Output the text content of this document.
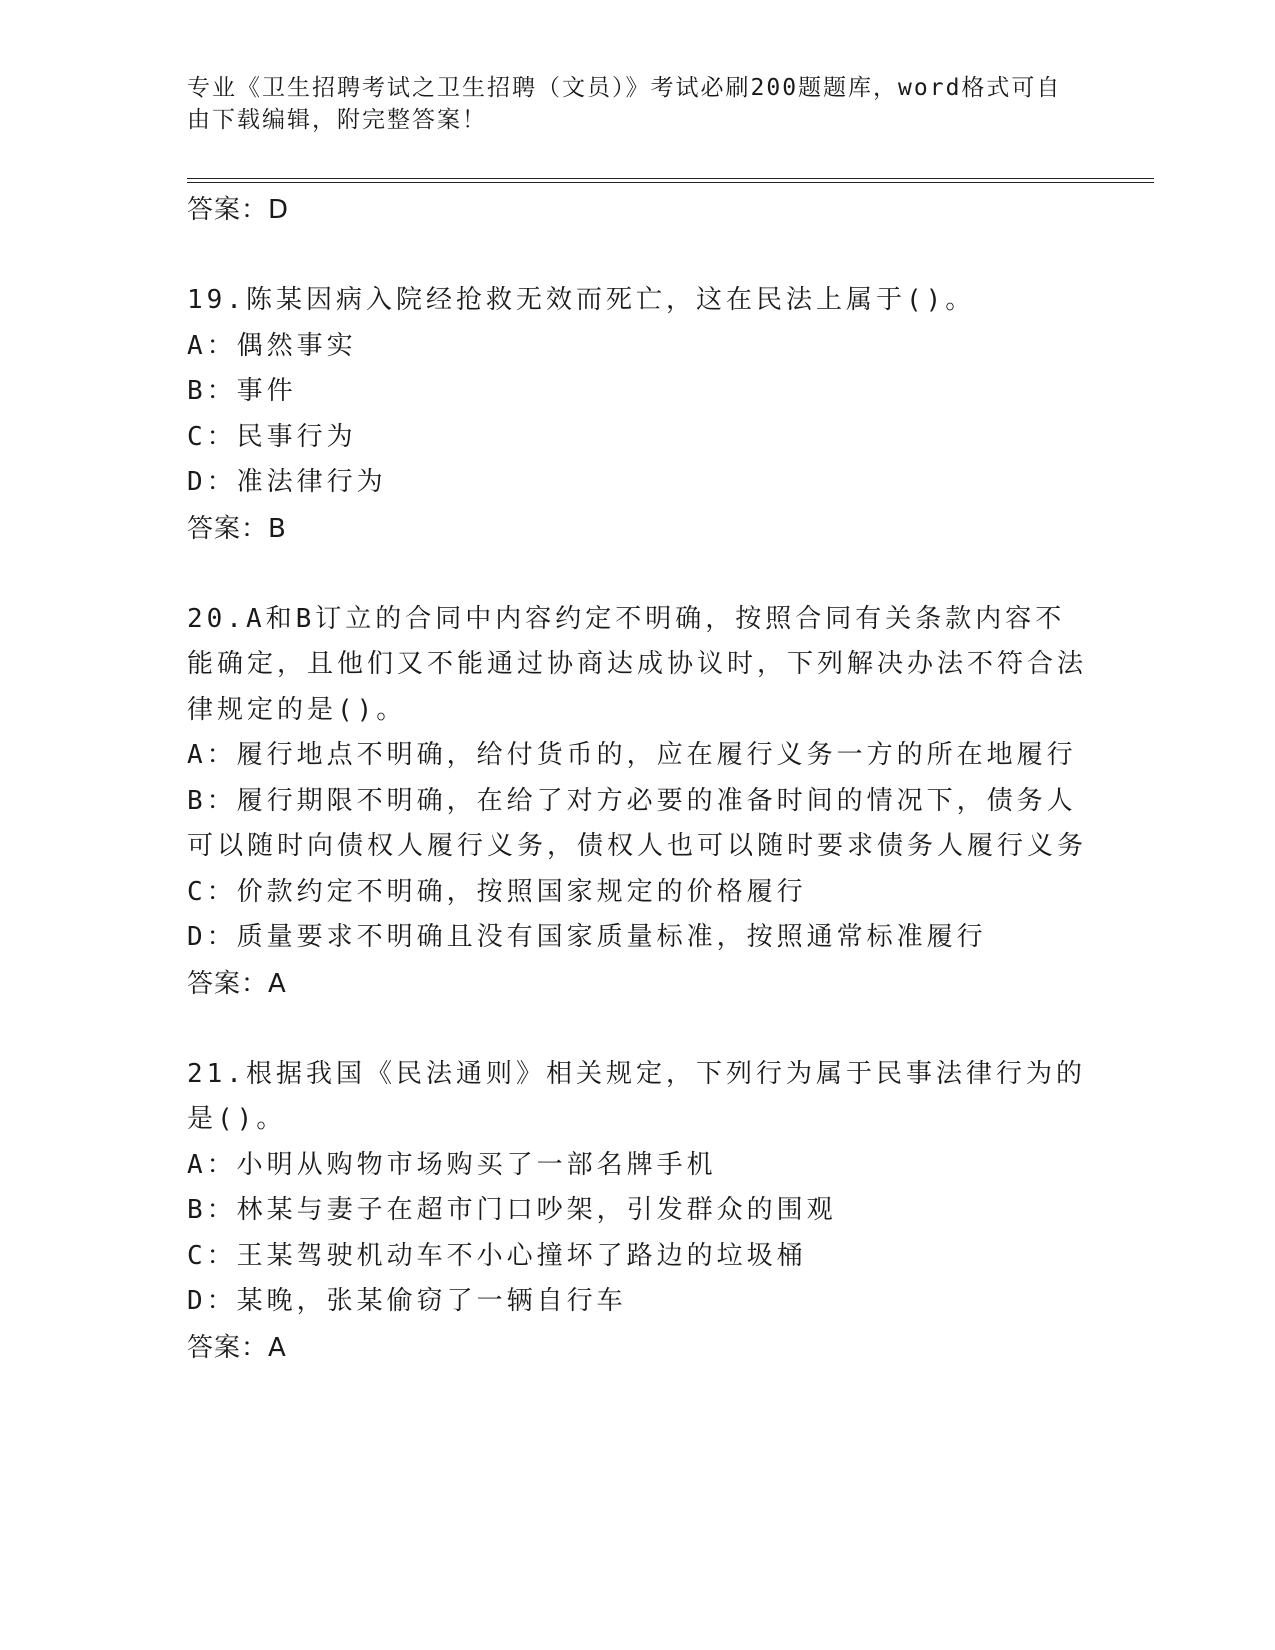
专业《卫生招聘考试之卫生招聘（文员）》考试必刷200题题库，word格式可自由下载编辑，附完整答案！
答案：D
19.陈某因病入院经抢救无效而死亡，这在民法上属于()。
A：偶然事实
B：事件
C：民事行为
D：准法律行为
答案：B
20.A和B订立的合同中内容约定不明确，按照合同有关条款内容不能确定，且他们又不能通过协商达成协议时，下列解决办法不符合法律规定的是()。
A：履行地点不明确，给付货币的，应在履行义务一方的所在地履行
B：履行期限不明确，在给了对方必要的准备时间的情况下，债务人可以随时向债权人履行义务，债权人也可以随时要求债务人履行义务
C：价款约定不明确，按照国家规定的价格履行
D：质量要求不明确且没有国家质量标准，按照通常标准履行
答案：A
21.根据我国《民法通则》相关规定，下列行为属于民事法律行为的是()。
A：小明从购物市场购买了一部名牌手机
B：林某与妻子在超市门口吵架，引发群众的围观
C：王某驾驶机动车不小心撞坏了路边的垃圾桶
D：某晚，张某偷窃了一辆自行车
答案：A
